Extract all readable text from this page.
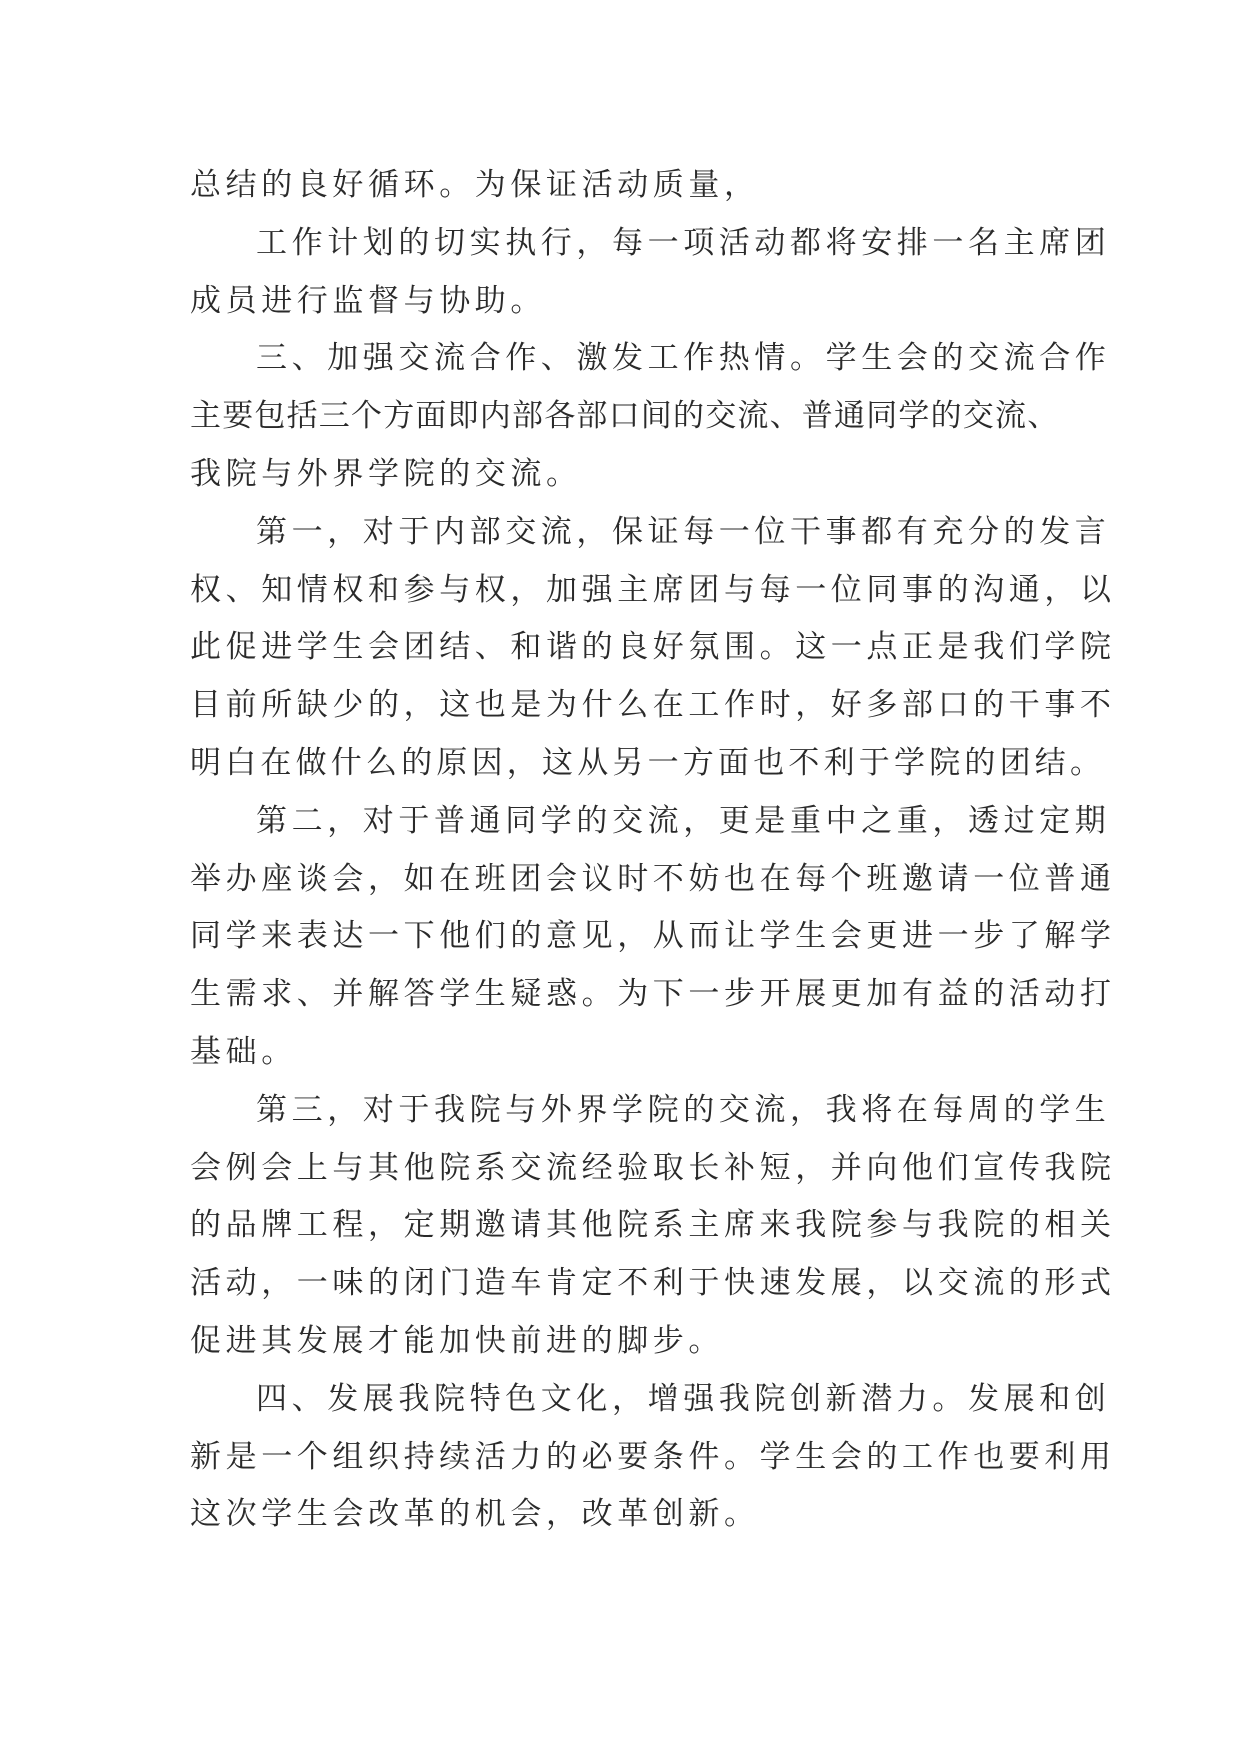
总结的良好循环。为保证活动质量，
工作计划的切实执行，每一项活动都将安排一名主席团
成员进行监督与协助。
三、加强交流合作、激发工作热情。学生会的交流合作
主要包括三个方面即内部各部口间的交流、普通同学的交流、
我院与外界学院的交流。
第一，对于内部交流，保证每一位干事都有充分的发言
权、知情权和参与权，加强主席团与每一位同事的沟通，以
此促进学生会团结、和谐的良好氛围。这一点正是我们学院
目前所缺少的，这也是为什么在工作时，好多部口的干事不
明白在做什么的原因，这从另一方面也不利于学院的团结。
第二，对于普通同学的交流，更是重中之重，透过定期
举办座谈会，如在班团会议时不妨也在每个班邀请一位普通
同学来表达一下他们的意见，从而让学生会更进一步了解学
生需求、并解答学生疑惑。为下一步开展更加有益的活动打
基础。
第三，对于我院与外界学院的交流，我将在每周的学生
会例会上与其他院系交流经验取长补短，并向他们宣传我院
的品牌工程，定期邀请其他院系主席来我院参与我院的相关
活动，一味的闭门造车肯定不利于快速发展，以交流的形式
促进其发展才能加快前进的脚步。
四、发展我院特色文化，增强我院创新潜力。发展和创
新是一个组织持续活力的必要条件。学生会的工作也要利用
这次学生会改革的机会，改革创新。
